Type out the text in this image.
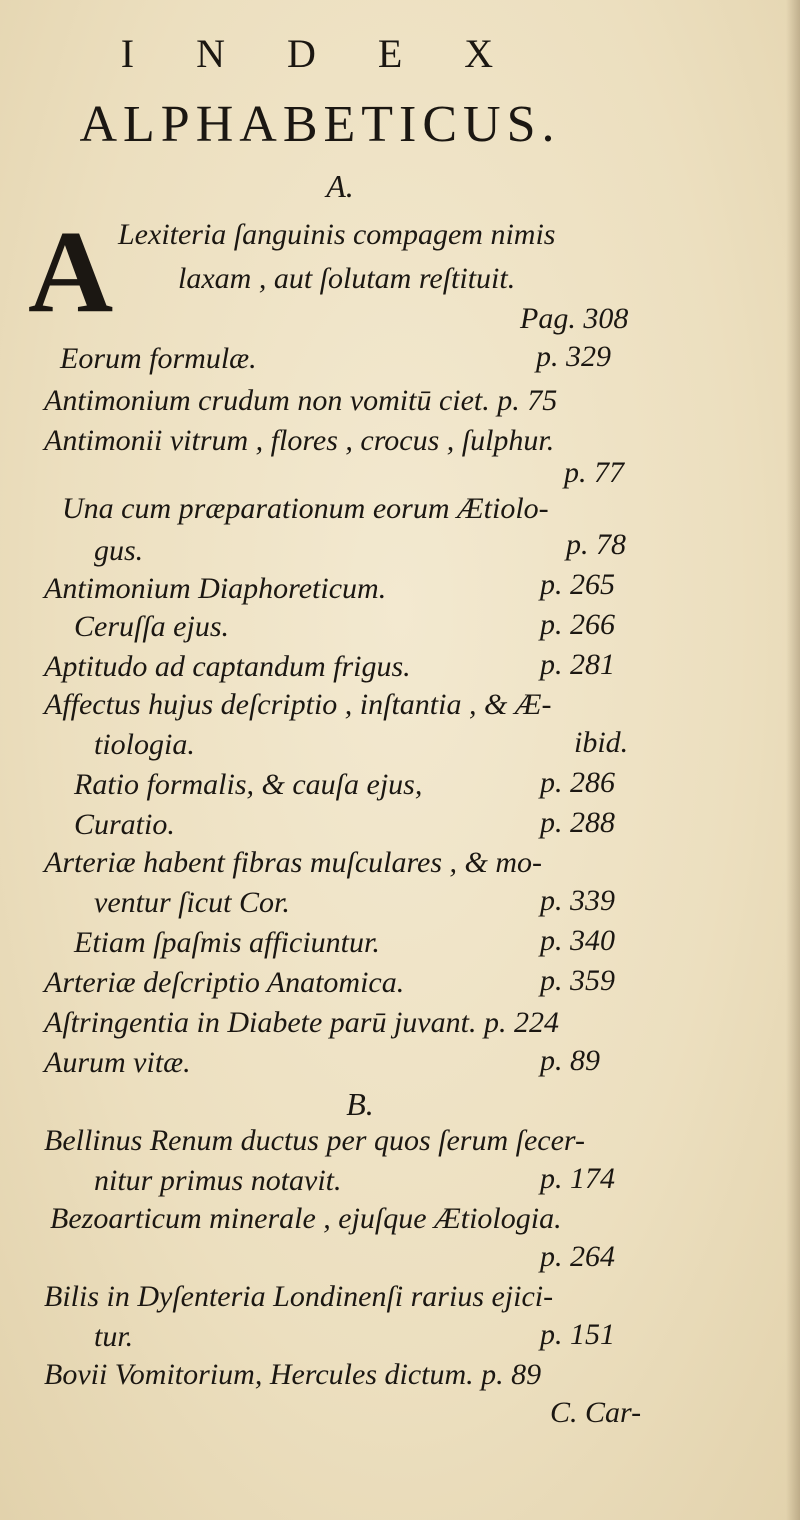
I N D E X
ALPHABETICUS.
A.
A Lexiteria ſanguinis compagem nimis
laxam , aut ſolutam reſtituit.
Pag. 308
Eorum formulæ.	p. 329
Antimonium crudum non vomitū ciet. p. 75
Antimonii vitrum , flores , crocus , ſulphur.
p. 77
Una cum præparationum eorum Ætiolo-
gus.	p. 78
Antimonium Diaphoreticum.	p. 265
Ceruſſa ejus.	p. 266
Aptitudo ad captandum frigus.	p. 281
Affectus hujus deſcriptio , inſtantia , & Æ-
tiologia.	ibid.
Ratio formalis, & cauſa ejus,	p. 286
Curatio.	p. 288
Arteriæ habent fibras muſculares , & mo-
ventur ſicut Cor.	p. 339
Etiam ſpaſmis afficiuntur.	p. 340
Arteriæ deſcriptio Anatomica.	p. 359
Aſtringentia in Diabete parū juvant. p. 224
Aurum vitæ.	p. 89
B.
Bellinus Renum ductus per quos ſerum ſecer-
nitur primus notavit.	p. 174
Bezoarticum minerale , ejuſque Ætiologia.
p. 264
Bilis in Dyſenteria Londinenſi rarius ejici-
tur.	p. 151
Bovii Vomitorium, Hercules dictum. p. 89
C. Car-
